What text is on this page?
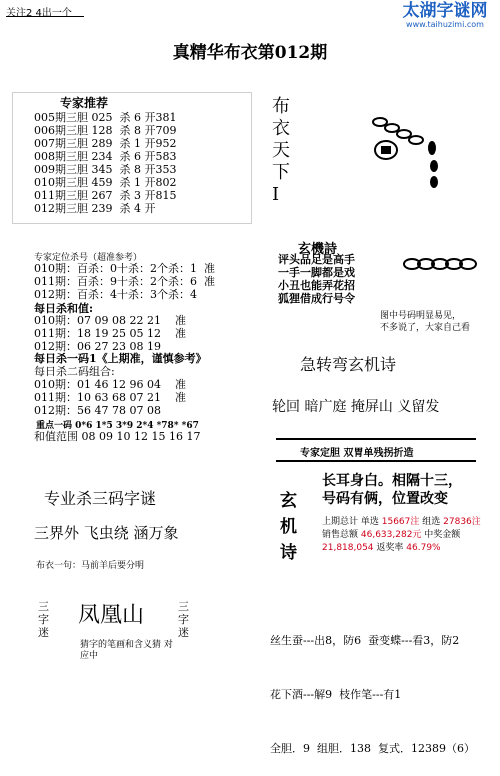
关注2 4出一个	太湖字谜网
www.taihuzimi.com
真精华布衣第012期
专家推荐
005期三胆 025  杀 6 开381
006期三胆 128  杀 8 开709
007期三胆 289  杀 1 开952
008期三胆 234  杀 6 开583
009期三胆 345  杀 8 开353
010期三胆 459  杀 1 开802
011期三胆 267  杀 3 开815
012期三胆 239  杀 4 开
专家定位杀号（超准参考）
010期：百杀：0十杀：2个杀：1  准
011期：百杀：9十杀：2个杀：6  准
012期：百杀：4十杀：3个杀：4
每日杀和值:
010期：07 09 08 22 21    准
011期：18 19 25 05 12    准
012期：06 27 23 08 19
每日杀一码1《上期准，谨慎参考》
每日杀二码组合:
010期：01 46 12 96 04    准
011期：10 63 68 07 21    准
012期：56 47 78 07 08
重点一码 0*6 1*5 3*9 2*4 *78* *67
和值范围 08 09 10 12 15 16 17
专业杀三码字谜
三界外 飞虫绕 涵万象
布衣一句：马前羊后要分明
三字迷
凤凰山	三字迷
猜字的笔画和含义猜 对应中
布
衣
天
下
I
玄機詩
评头品足是高手
一手一脚都是戏
小丑也能弄花招
狐狸借成行号令
图中号码明显易见，
不多说了，大家自己看
急转弯玄机诗
轮回 暗广庭 掩屏山 义留发
专家定胆 双胃单残拐折造
玄
机
诗
长耳身白。相隔十三，
号码有俩，位置改变
上期总计 单选 15667注 组选 27836注
销售总额 46,633,282元 中奖金额
21,818,054 返奖率 46.79%

丝生蚕---出8，防6  蚕变蝶---看3，防2

花下酒---解9  枝作笔---有1

全胆．9  组胆．138  复式．12389（6）
